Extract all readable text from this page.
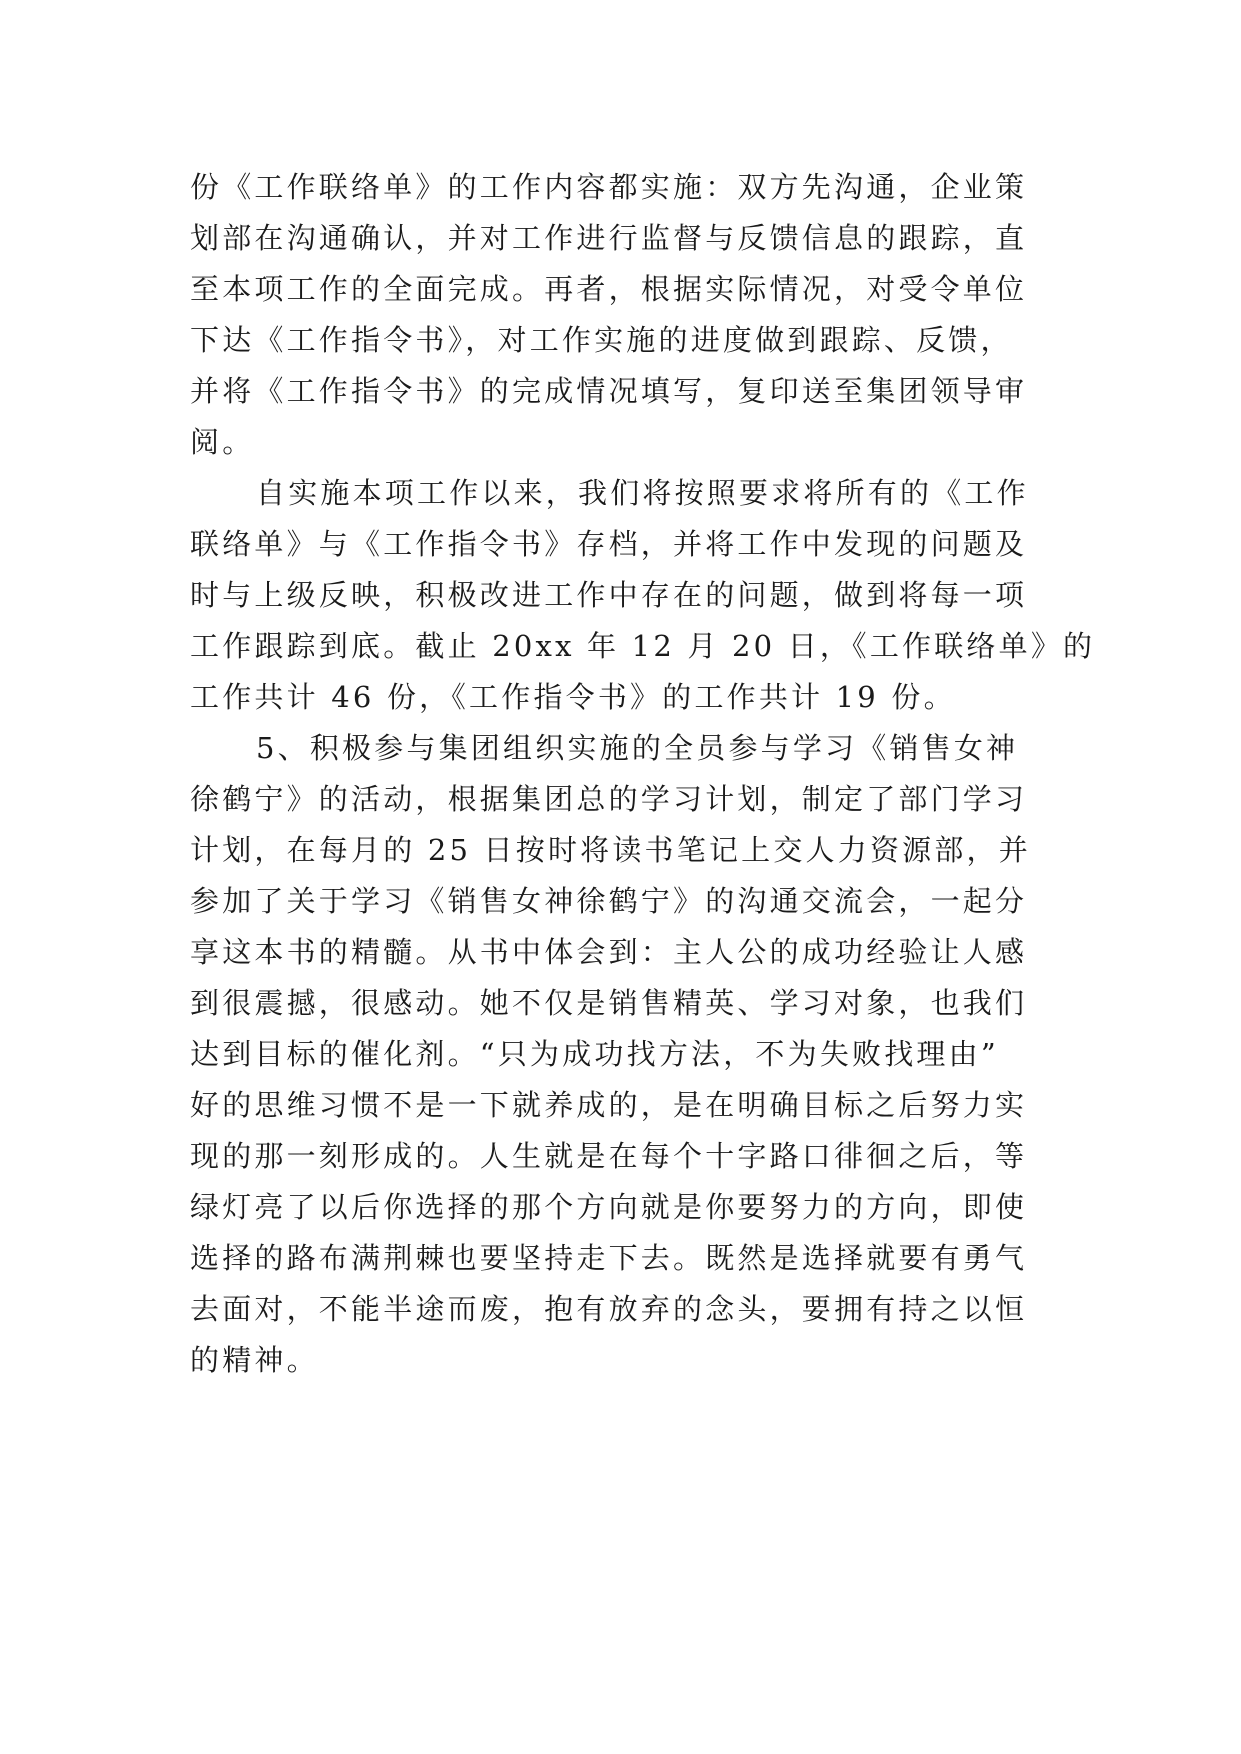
份《工作联络单》的工作内容都实施：双方先沟通，企业策
划部在沟通确认，并对工作进行监督与反馈信息的跟踪，直
至本项工作的全面完成。再者，根据实际情况，对受令单位
下达《工作指令书》，对工作实施的进度做到跟踪、反馈，
并将《工作指令书》的完成情况填写，复印送至集团领导审
阅。
自实施本项工作以来，我们将按照要求将所有的《工作
联络单》与《工作指令书》存档，并将工作中发现的问题及
时与上级反映，积极改进工作中存在的问题，做到将每一项
工作跟踪到底。截止 20xx 年 12 月 20 日，《工作联络单》的
工作共计 46 份，《工作指令书》的工作共计 19 份。
5、积极参与集团组织实施的全员参与学习《销售女神
徐鹤宁》的活动，根据集团总的学习计划，制定了部门学习
计划，在每月的 25 日按时将读书笔记上交人力资源部，并
参加了关于学习《销售女神徐鹤宁》的沟通交流会，一起分
享这本书的精髓。从书中体会到：主人公的成功经验让人感
到很震撼，很感动。她不仅是销售精英、学习对象，也我们
达到目标的催化剂。“只为成功找方法，不为失败找理由”
好的思维习惯不是一下就养成的，是在明确目标之后努力实
现的那一刻形成的。人生就是在每个十字路口徘徊之后，等
绿灯亮了以后你选择的那个方向就是你要努力的方向，即使
选择的路布满荆棘也要坚持走下去。既然是选择就要有勇气
去面对，不能半途而废，抱有放弃的念头，要拥有持之以恒
的精神。
